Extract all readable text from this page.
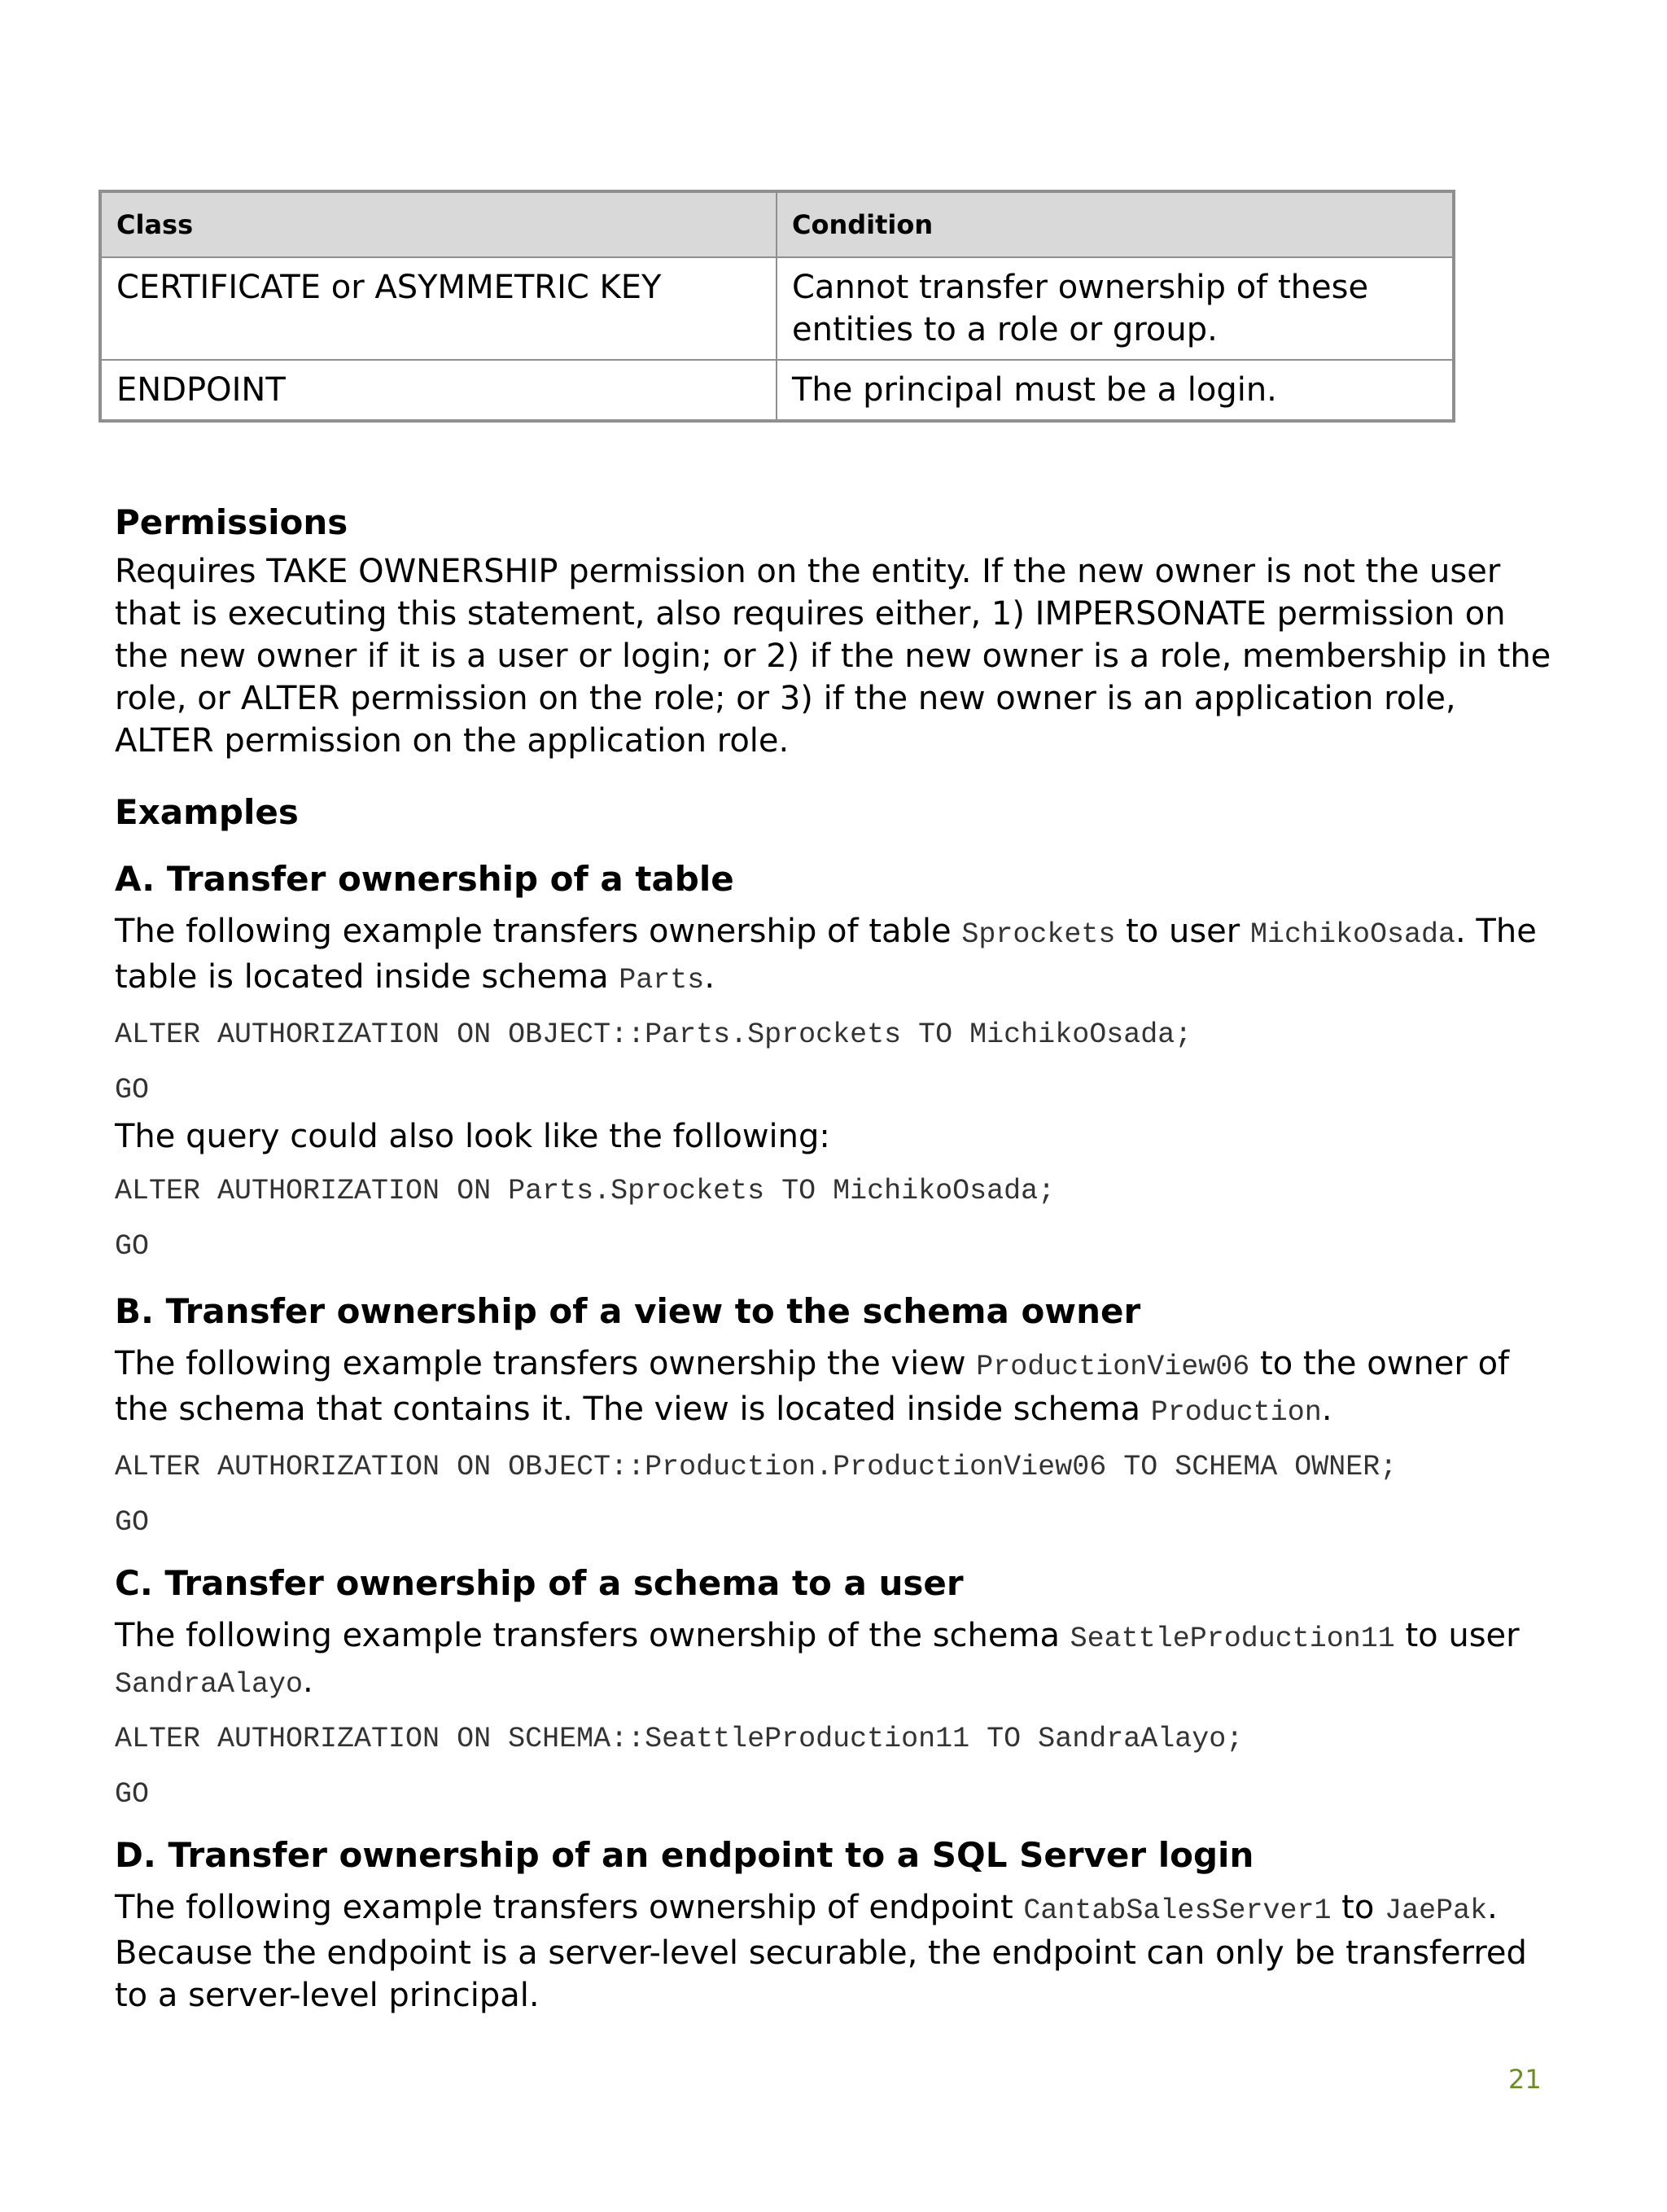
Class	Condition
CERTIFICATE or ASYMMETRIC KEY	Cannot transfer ownership of these entities to a role or group.
ENDPOINT	The principal must be a login.
Permissions

Requires TAKE OWNERSHIP permission on the entity. If the new owner is not the user that is executing this statement, also requires either, 1) IMPERSONATE permission on the new owner if it is a user or login; or 2) if the new owner is a role, membership in the role, or ALTER permission on the role; or 3) if the new owner is an application role, ALTER permission on the application role.

Examples
A. Transfer ownership of a table

The following example transfers ownership of table Sprockets to user MichikoOsada. The table is located inside schema Parts.

ALTER AUTHORIZATION ON OBJECT::Parts.Sprockets TO MichikoOsada;
GO

The query could also look like the following:

ALTER AUTHORIZATION ON Parts.Sprockets TO MichikoOsada;
GO
B. Transfer ownership of a view to the schema owner

The following example transfers ownership the view ProductionView06 to the owner of the schema that contains it. The view is located inside schema Production.

ALTER AUTHORIZATION ON OBJECT::Production.ProductionView06 TO SCHEMA OWNER;
GO
C. Transfer ownership of a schema to a user

The following example transfers ownership of the schema SeattleProduction11 to user SandraAlayo.

ALTER AUTHORIZATION ON SCHEMA::SeattleProduction11 TO SandraAlayo;
GO
D. Transfer ownership of an endpoint to a SQL Server login

The following example transfers ownership of endpoint CantabSalesServer1 to JaePak. Because the endpoint is a server-level securable, the endpoint can only be transferred to a server-level principal.

21
